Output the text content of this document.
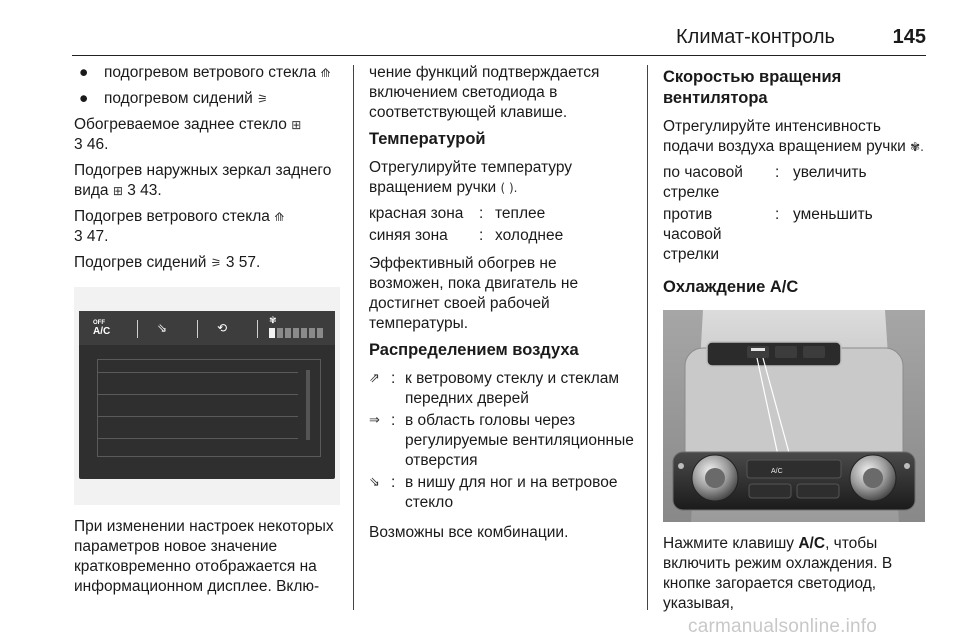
Климат-контроль	145
● подогревом ветрового стекла ⟰
● подогревом сидений ⚞

Обогреваемое заднее стекло ⊞
3 46.

Подогрев наружных зеркал заднего вида ⊞ 3 43.

Подогрев ветрового стекла ⟰
3 47.

Подогрев сидений ⚞ 3 57.

OFF
A/C	⇘	⟲	✾

При изменении настроек некоторых параметров новое значение кратковременно отображается на информационном дисплее. Вклю-

чение функций подтверждается включением светодиода в соответствующей клавише.

Температурой

Отрегулируйте температуру вращением ручки ( ).

красная зона	: теплее
синяя зона	: холоднее

Эффективный обогрев не возможен, пока двигатель не достигнет своей рабочей температуры.

Распределением воздуха
⇗ : к ветровому стеклу и стеклам передних дверей
⇒ : в область головы через регулируемые вентиляционные отверстия
⇘ : в нишу для ног и на ветровое стекло

Возможны все комбинации.

Скоростью вращения вентилятора

Отрегулируйте интенсивность подачи воздуха вращением ручки ✾.

по часовой стрелке
: увеличить
против часовой стрелки
: уменьшить
Охлаждение A/C
A/C

Нажмите клавишу A/C, чтобы включить режим охлаждения. В кнопке загорается светодиод, указывая,

carmanualsonline.info
